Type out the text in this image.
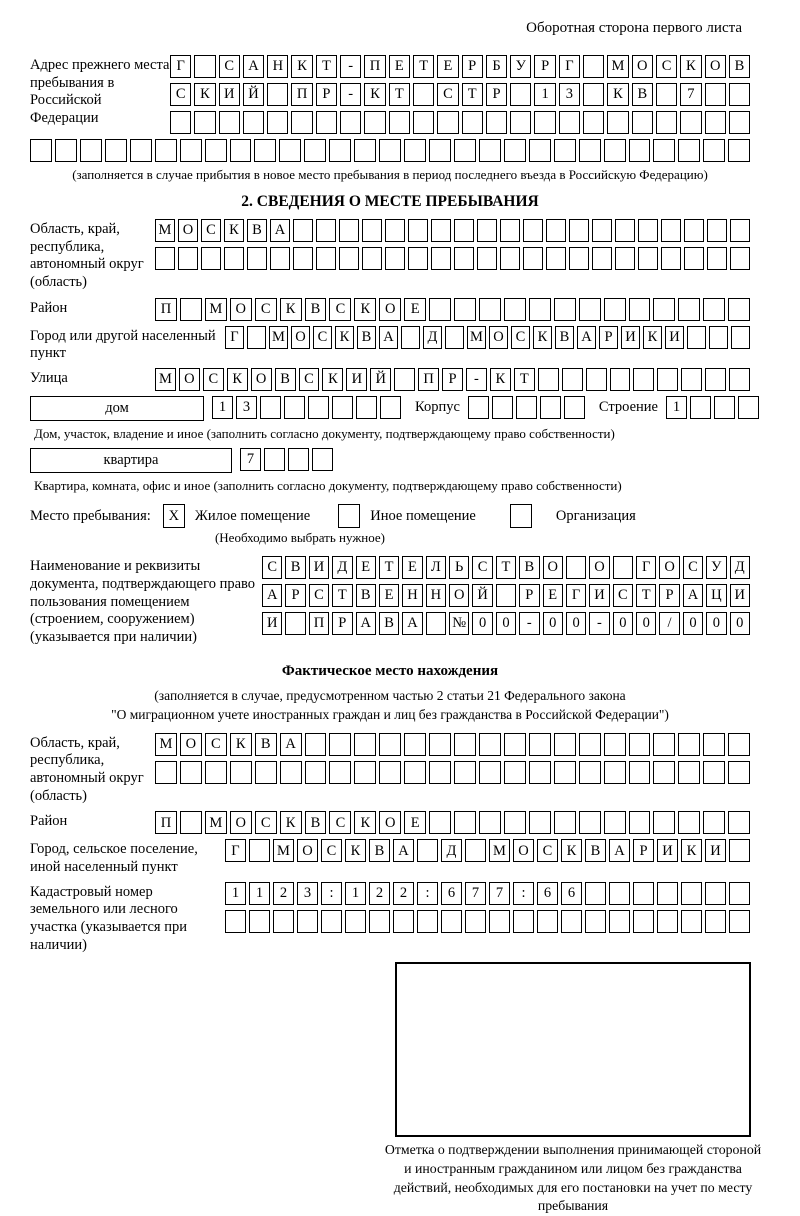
Оборотная сторона первого листа
Адрес прежнего места пребывания в Российской Федерации
Г	С А Н К	Т	-	П	Е	Т	Е	Р	Б	У	Р	Г	М О С	К О В
С	К И Й	П	Р	-	К	Т	С	Т	Р	1	3	К	В	7
(заполняется в случае прибытия в новое место пребывания в период последнего въезда в Российскую Федерацию)
2. СВЕДЕНИЯ О МЕСТЕ ПРЕБЫВАНИЯ
Область, край, республика, автономный округ (область)
М О С К В А
Район	П	М О	С	К	В	С	К	О	Е
Город или другой населенный пункт
Г	М О С К В А	Д	М О С К В А Р И К И
Улица	М О С К О В С К И Й	П	Р	-	К	Т
дом	1	3	Корпус	Строение	1
Дом, участок, владение и иное (заполнить согласно документу, подтверждающему право собственности)
квартира	7
Квартира, комната, офис и иное (заполнить согласно документу, подтверждающему право собственности)
Место пребывания:	X	Жилое помещение	Иное помещение	Организация
(Необходимо выбрать нужное)
Наименование и реквизиты документа, подтверждающего право пользования помещением (строением, сооружением) (указывается при наличии)
С В И Д Е	Т	Е Л Ь С Т В О	О	Г О С У Д
А Р	С Т В Е Н Н О Й	Р	Е	Г И С Т	Р А Ц И
И	П Р А В А	№ 0	0	-	0	0	-	0	0	/	0	0	0
Фактическое место нахождения
(заполняется в случае, предусмотренном частью 2 статьи 21 Федерального закона
"О миграционном учете иностранных граждан и лиц без гражданства в Российской Федерации")
Область, край, республика, автономный округ (область)
М О	С	К	В	А
Район	П	М О	С	К	В	С	К	О	Е
Город, сельское поселение, иной населенный пункт
Г	М О С К В А	Д	М О С К В А	Р	И К И
Кадастровый номер земельного или лесного участка (указывается при наличии)
1	1	2	3	:	1	2	2	:	6	7	7	:	6	6
Отметка о подтверждении выполнения принимающей стороной и иностранным гражданином или лицом без гражданства действий, необходимых для его постановки на учет по месту пребывания
